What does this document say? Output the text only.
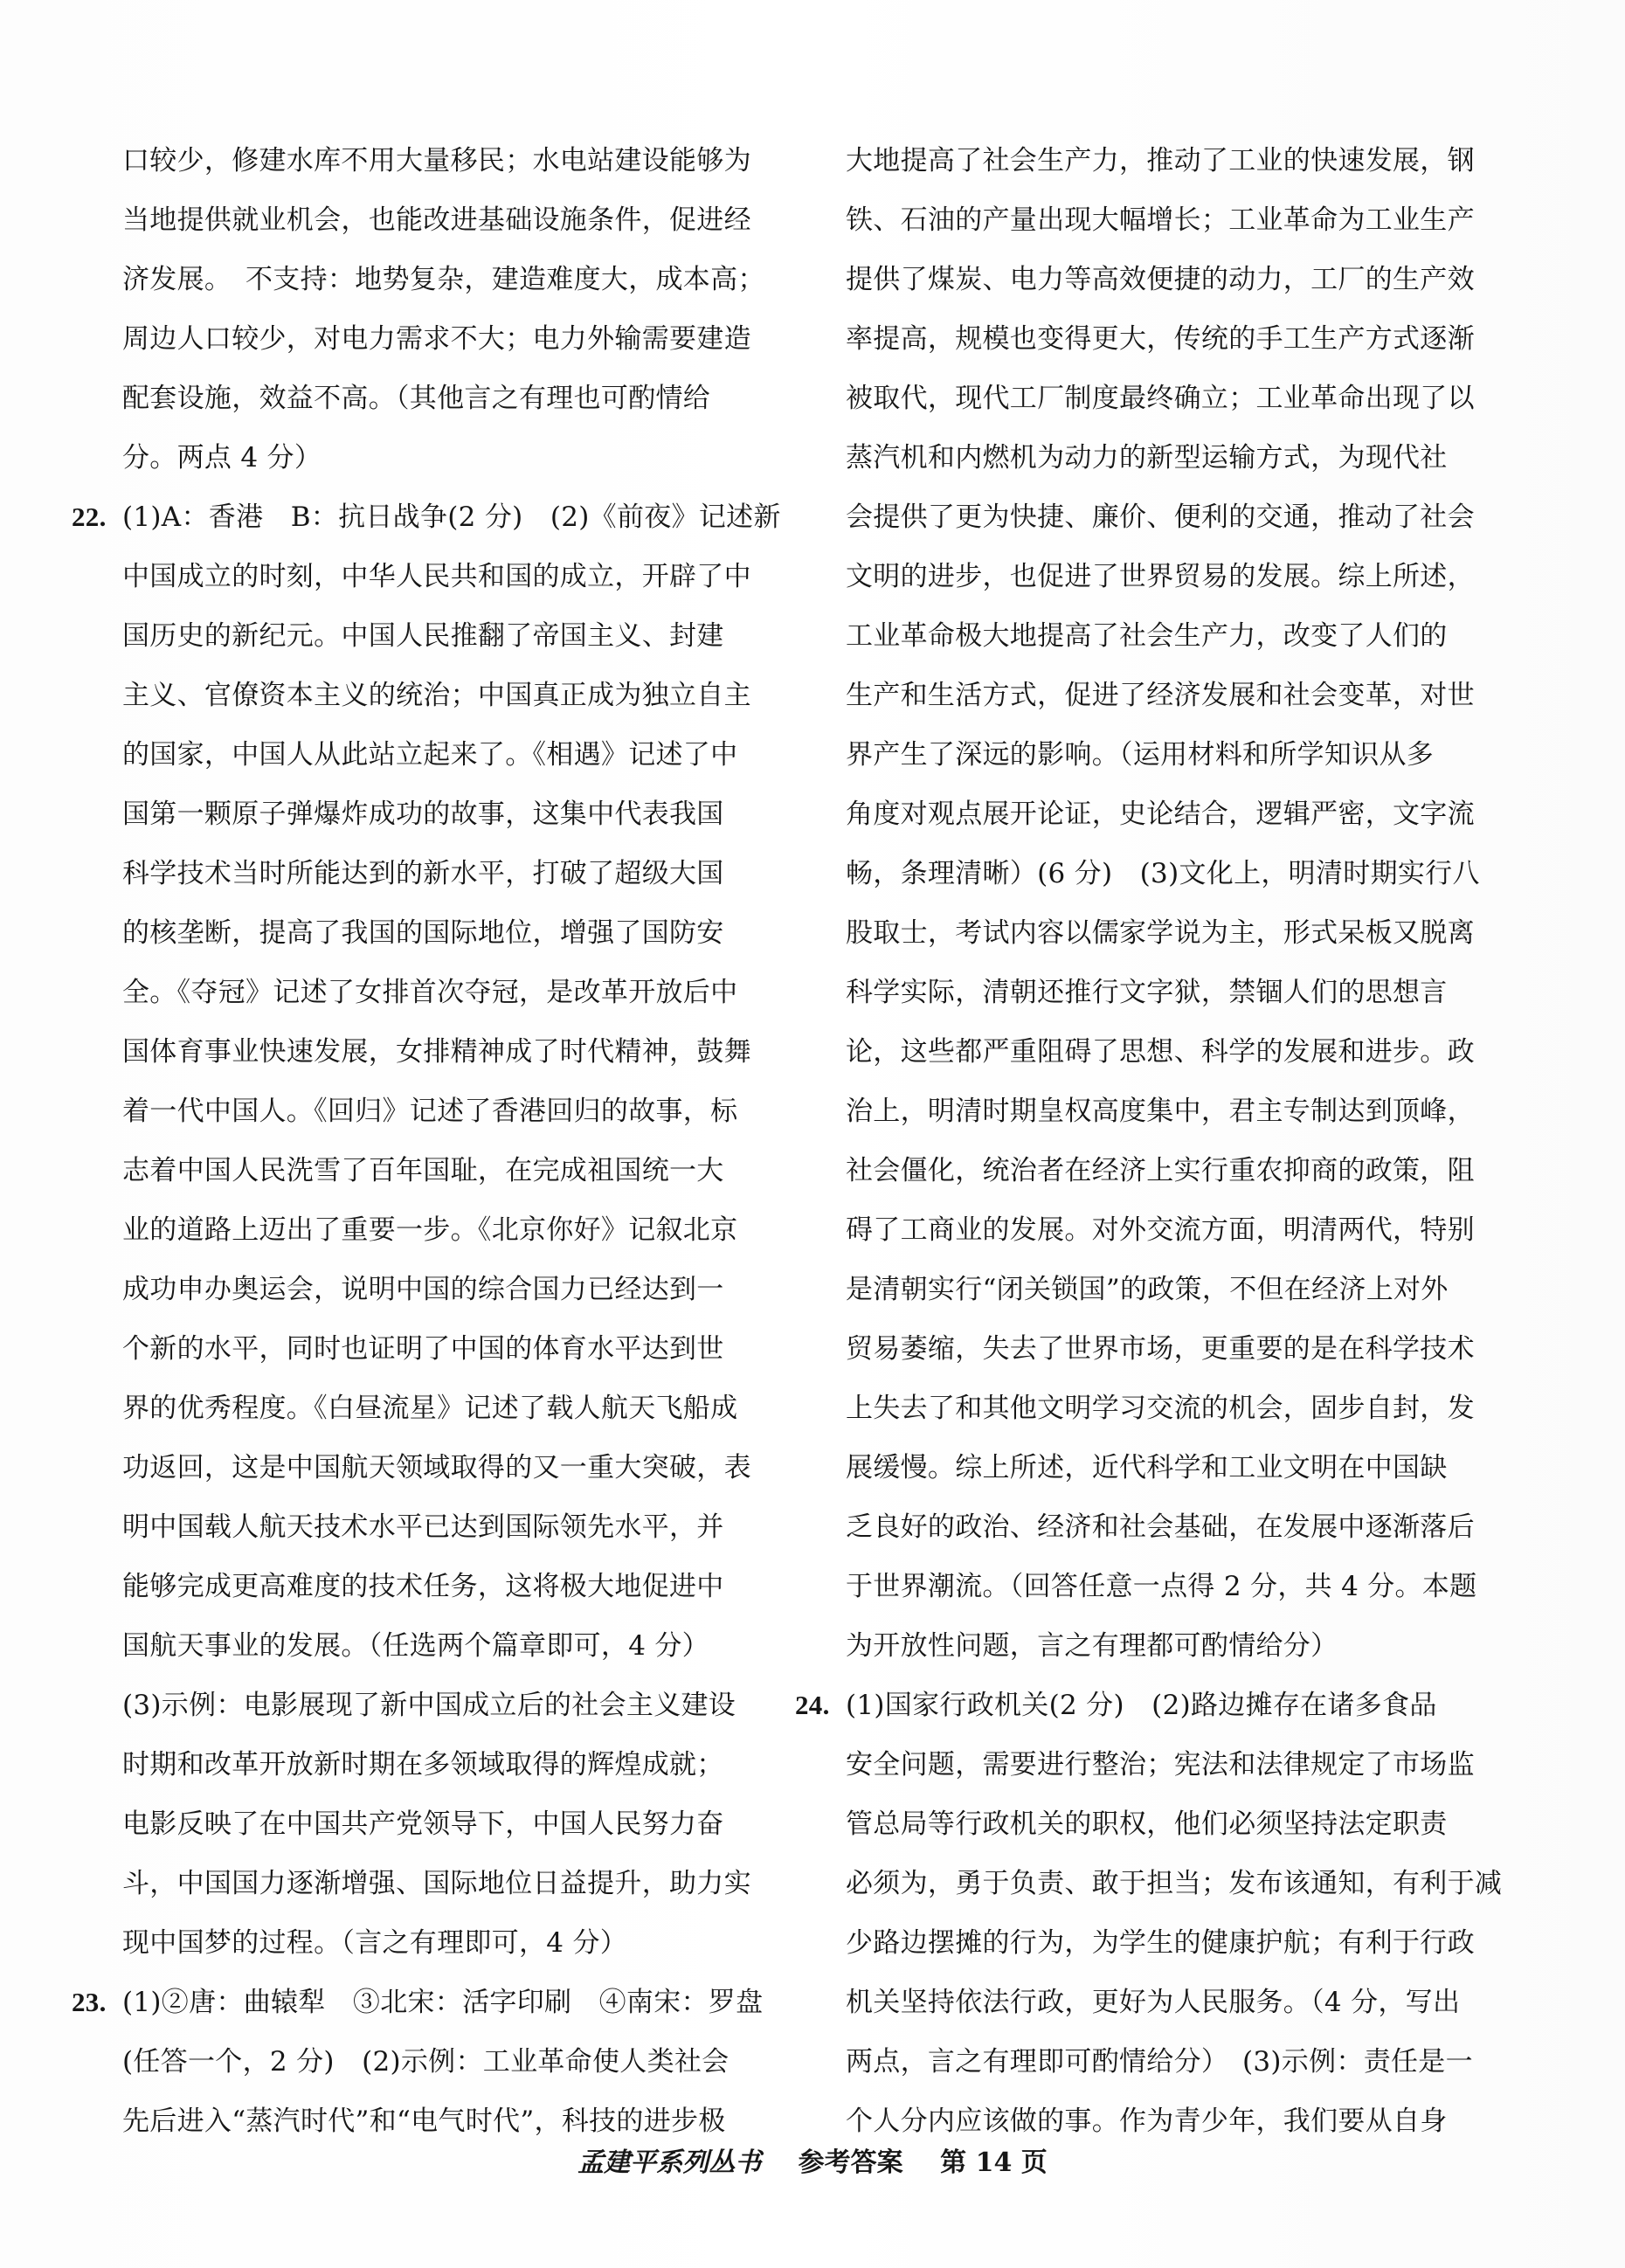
口较少，修建水库不用大量移民；水电站建设能够为
当地提供就业机会，也能改进基础设施条件，促进经
济发展。　不支持：地势复杂，建造难度大，成本高；
周边人口较少，对电力需求不大；电力外输需要建造
配套设施，效益不高。（其他言之有理也可酌情给
分。两点 4 分）
22. (1)A：香港　B：抗日战争(2 分)　(2)《前夜》记述新
中国成立的时刻，中华人民共和国的成立，开辟了中
国历史的新纪元。中国人民推翻了帝国主义、封建
主义、官僚资本主义的统治；中国真正成为独立自主
的国家，中国人从此站立起来了。《相遇》记述了中
国第一颗原子弹爆炸成功的故事，这集中代表我国
科学技术当时所能达到的新水平，打破了超级大国
的核垄断，提高了我国的国际地位，增强了国防安
全。《夺冠》记述了女排首次夺冠，是改革开放后中
国体育事业快速发展，女排精神成了时代精神，鼓舞
着一代中国人。《回归》记述了香港回归的故事，标
志着中国人民洗雪了百年国耻，在完成祖国统一大
业的道路上迈出了重要一步。《北京你好》记叙北京
成功申办奥运会，说明中国的综合国力已经达到一
个新的水平，同时也证明了中国的体育水平达到世
界的优秀程度。《白昼流星》记述了载人航天飞船成
功返回，这是中国航天领域取得的又一重大突破，表
明中国载人航天技术水平已达到国际领先水平，并
能够完成更高难度的技术任务，这将极大地促进中
国航天事业的发展。（任选两个篇章即可，4 分）
(3)示例：电影展现了新中国成立后的社会主义建设
时期和改革开放新时期在多领域取得的辉煌成就；
电影反映了在中国共产党领导下，中国人民努力奋
斗，中国国力逐渐增强、国际地位日益提升，助力实
现中国梦的过程。（言之有理即可，4 分）
23. (1)②唐：曲辕犁　③北宋：活字印刷　④南宋：罗盘
(任答一个，2 分)　(2)示例：工业革命使人类社会
先后进入“蒸汽时代”和“电气时代”，科技的进步极
大地提高了社会生产力，推动了工业的快速发展，钢
铁、石油的产量出现大幅增长；工业革命为工业生产
提供了煤炭、电力等高效便捷的动力，工厂的生产效
率提高，规模也变得更大，传统的手工生产方式逐渐
被取代，现代工厂制度最终确立；工业革命出现了以
蒸汽机和内燃机为动力的新型运输方式，为现代社
会提供了更为快捷、廉价、便利的交通，推动了社会
文明的进步，也促进了世界贸易的发展。综上所述，
工业革命极大地提高了社会生产力，改变了人们的
生产和生活方式，促进了经济发展和社会变革，对世
界产生了深远的影响。（运用材料和所学知识从多
角度对观点展开论证，史论结合，逻辑严密，文字流
畅，条理清晰）(6 分)　(3)文化上，明清时期实行八
股取士，考试内容以儒家学说为主，形式呆板又脱离
科学实际，清朝还推行文字狱，禁锢人们的思想言
论，这些都严重阻碍了思想、科学的发展和进步。政
治上，明清时期皇权高度集中，君主专制达到顶峰，
社会僵化，统治者在经济上实行重农抑商的政策，阻
碍了工商业的发展。对外交流方面，明清两代，特别
是清朝实行“闭关锁国”的政策，不但在经济上对外
贸易萎缩，失去了世界市场，更重要的是在科学技术
上失去了和其他文明学习交流的机会，固步自封，发
展缓慢。综上所述，近代科学和工业文明在中国缺
乏良好的政治、经济和社会基础，在发展中逐渐落后
于世界潮流。（回答任意一点得 2 分，共 4 分。本题
为开放性问题，言之有理都可酌情给分）
24. (1)国家行政机关(2 分)　(2)路边摊存在诸多食品
安全问题，需要进行整治；宪法和法律规定了市场监
管总局等行政机关的职权，他们必须坚持法定职责
必须为，勇于负责、敢于担当；发布该通知，有利于减
少路边摆摊的行为，为学生的健康护航；有利于行政
机关坚持依法行政，更好为人民服务。（4 分，写出
两点，言之有理即可酌情给分）　(3)示例：责任是一
个人分内应该做的事。作为青少年，我们要从自身
孟建平系列丛书 参考答案 第 14 页
